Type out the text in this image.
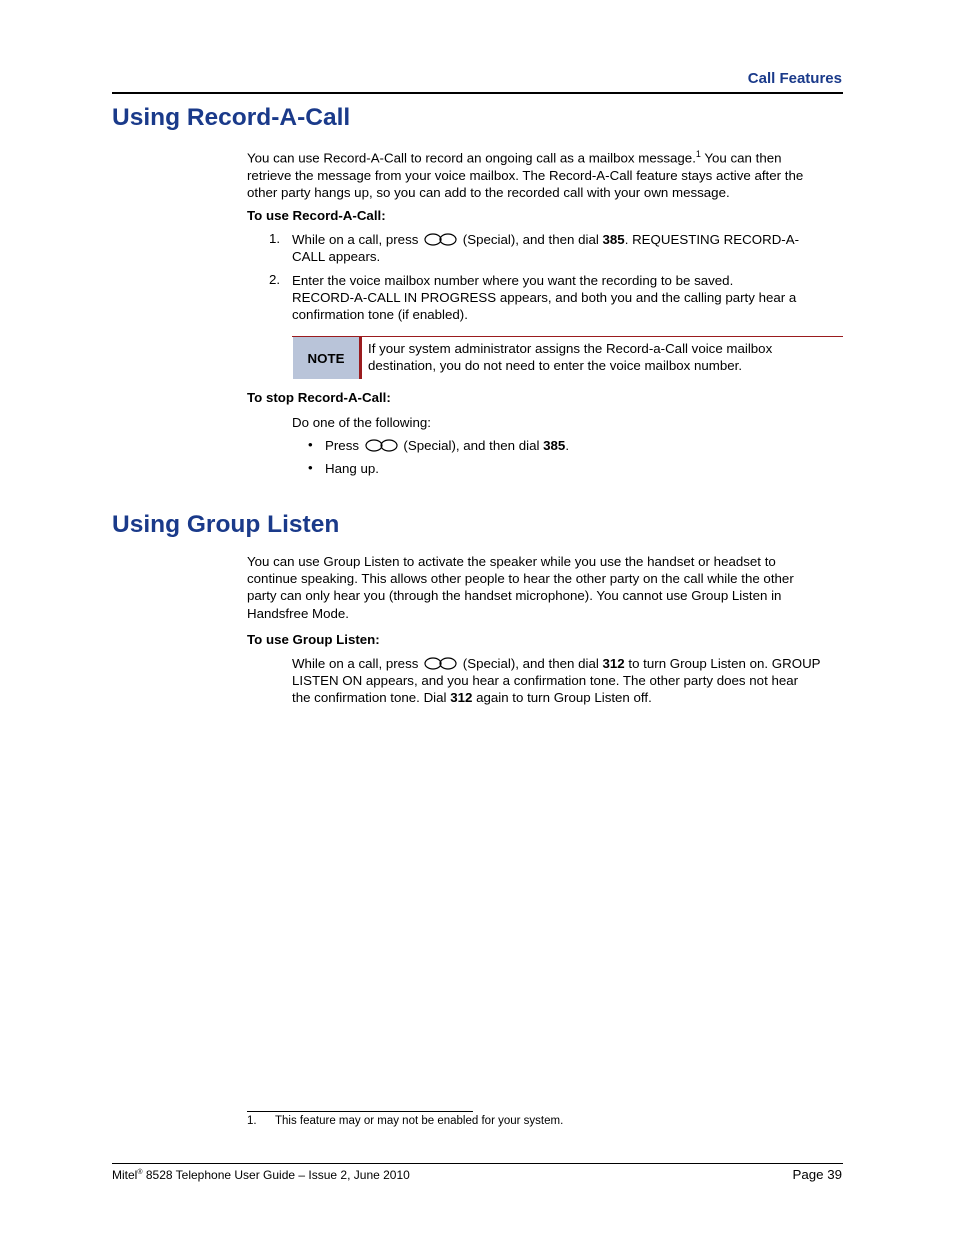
Call Features
Using Record-A-Call
You can use Record-A-Call to record an ongoing call as a mailbox message.$^1$ You can then
retrieve the message from your voice mailbox. The Record-A-Call feature stays active after the
other party hangs up, so you can add to the recorded call with your own message.
To use Record-A-Call:
1. While on a call, press	(Special), and then dial 385. REQUESTING RECORD-A-
CALL appears.
2. Enter the voice mailbox number where you want the recording to be saved.
RECORD-A-CALL IN PROGRESS appears, and both you and the calling party hear a
confirmation tone (if enabled).
NOTE
If your system administrator assigns the Record-a-Call voice mailbox
destination, you do not need to enter the voice mailbox number.
To stop Record-A-Call:
Do one of the following:
• Press	(Special), and then dial 385.
• Hang up.
Using Group Listen
You can use Group Listen to activate the speaker while you use the handset or headset to
continue speaking. This allows other people to hear the other party on the call while the other
party can only hear you (through the handset microphone). You cannot use Group Listen in
Handsfree Mode.
To use Group Listen:
While on a call, press	(Special), and then dial 312 to turn Group Listen on. GROUP
LISTEN ON appears, and you hear a confirmation tone. The other party does not hear
the confirmation tone. Dial 312 again to turn Group Listen off.
1. This feature may or may not be enabled for your system.
Mitel® 8528 Telephone User Guide – Issue 2, June 2010	Page 39
